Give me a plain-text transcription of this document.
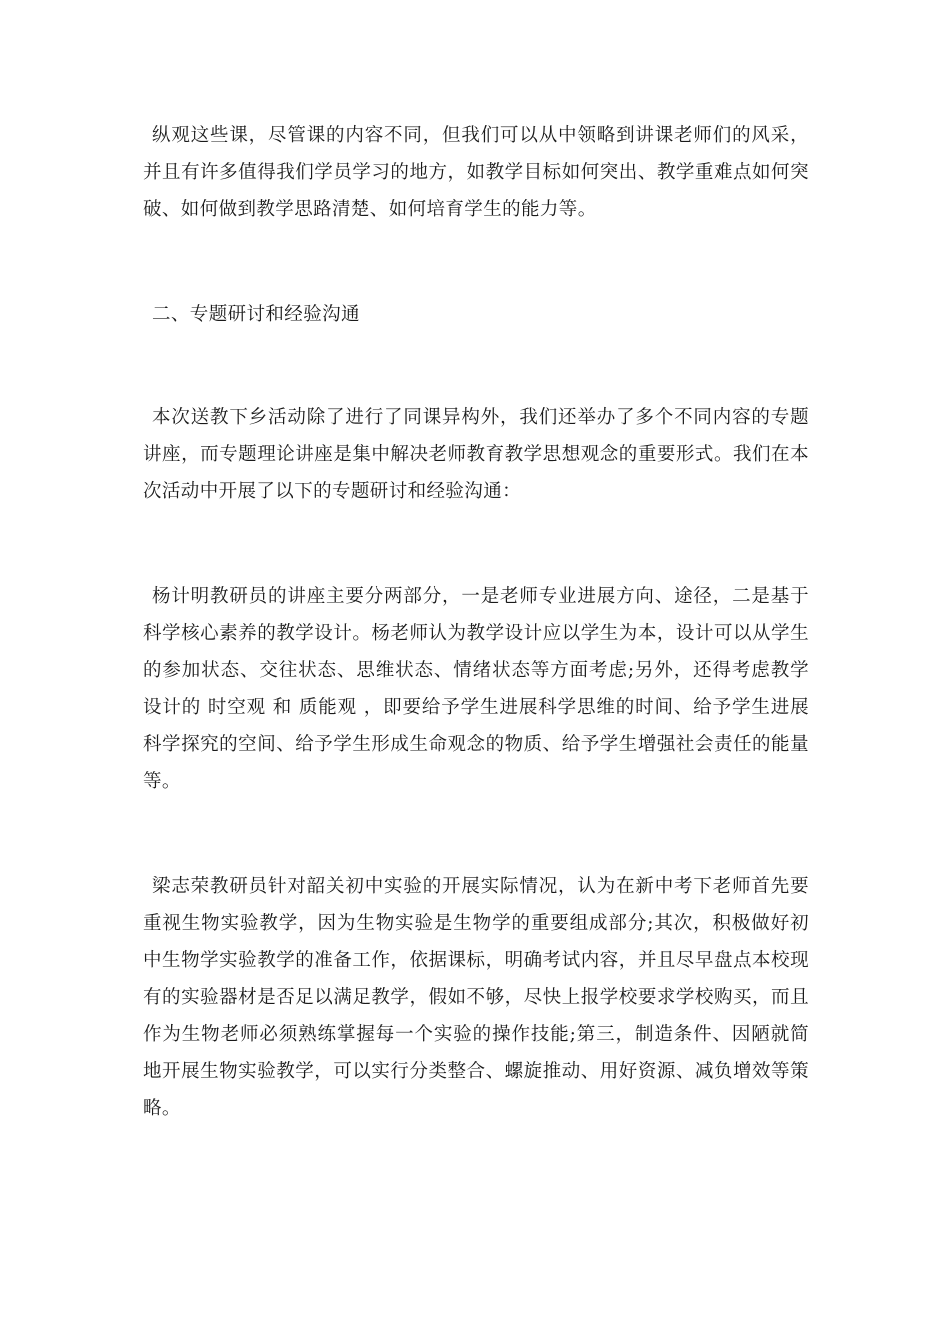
纵观这些课，尽管课的内容不同，但我们可以从中领略到讲课老师们的风采，并且有许多值得我们学员学习的地方，如教学目标如何突出、教学重难点如何突破、如何做到教学思路清楚、如何培育学生的能力等。

二、专题研讨和经验沟通

本次送教下乡活动除了进行了同课异构外，我们还举办了多个不同内容的专题讲座，而专题理论讲座是集中解决老师教育教学思想观念的重要形式。我们在本次活动中开展了以下的专题研讨和经验沟通：

杨计明教研员的讲座主要分两部分，一是老师专业进展方向、途径，二是基于科学核心素养的教学设计。杨老师认为教学设计应以学生为本，设计可以从学生的参加状态、交往状态、思维状态、情绪状态等方面考虑;另外，还得考虑教学设计的 时空观 和 质能观 ，即要给予学生进展科学思维的时间、给予学生进展科学探究的空间、给予学生形成生命观念的物质、给予学生增强社会责任的能量等。

梁志荣教研员针对韶关初中实验的开展实际情况，认为在新中考下老师首先要重视生物实验教学，因为生物实验是生物学的重要组成部分;其次，积极做好初中生物学实验教学的准备工作，依据课标，明确考试内容，并且尽早盘点本校现有的实验器材是否足以满足教学，假如不够，尽快上报学校要求学校购买，而且作为生物老师必须熟练掌握每一个实验的操作技能;第三，制造条件、因陋就简地开展生物实验教学，可以实行分类整合、螺旋推动、用好资源、减负增效等策略。
